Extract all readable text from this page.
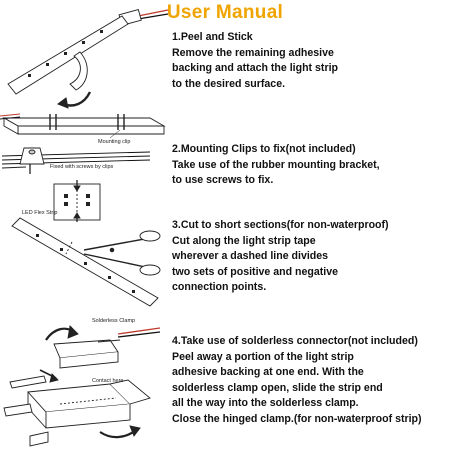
User Manual
1.Peel and Stick
Remove the remaining adhesive
backing and attach the light strip
to the desired surface.
2.Mounting Clips to fix(not included)
Take use of the rubber mounting bracket,
to use screws to fix.
3.Cut to short sections(for non-waterproof)
Cut along the light strip tape
wherever a dashed line divides
two sets of positive and negative
connection points.
4.Take use of solderless connector(not included)
Peel away a portion of the light strip
adhesive backing at one end. With the
solderless clamp open, slide the strip end
all the way into the solderless clamp.
Close the hinged clamp.(for non-waterproof strip)
Mounting clip
Fixed with screws by clips
LED Flex Strip
Solderless Clamp
Contact here
